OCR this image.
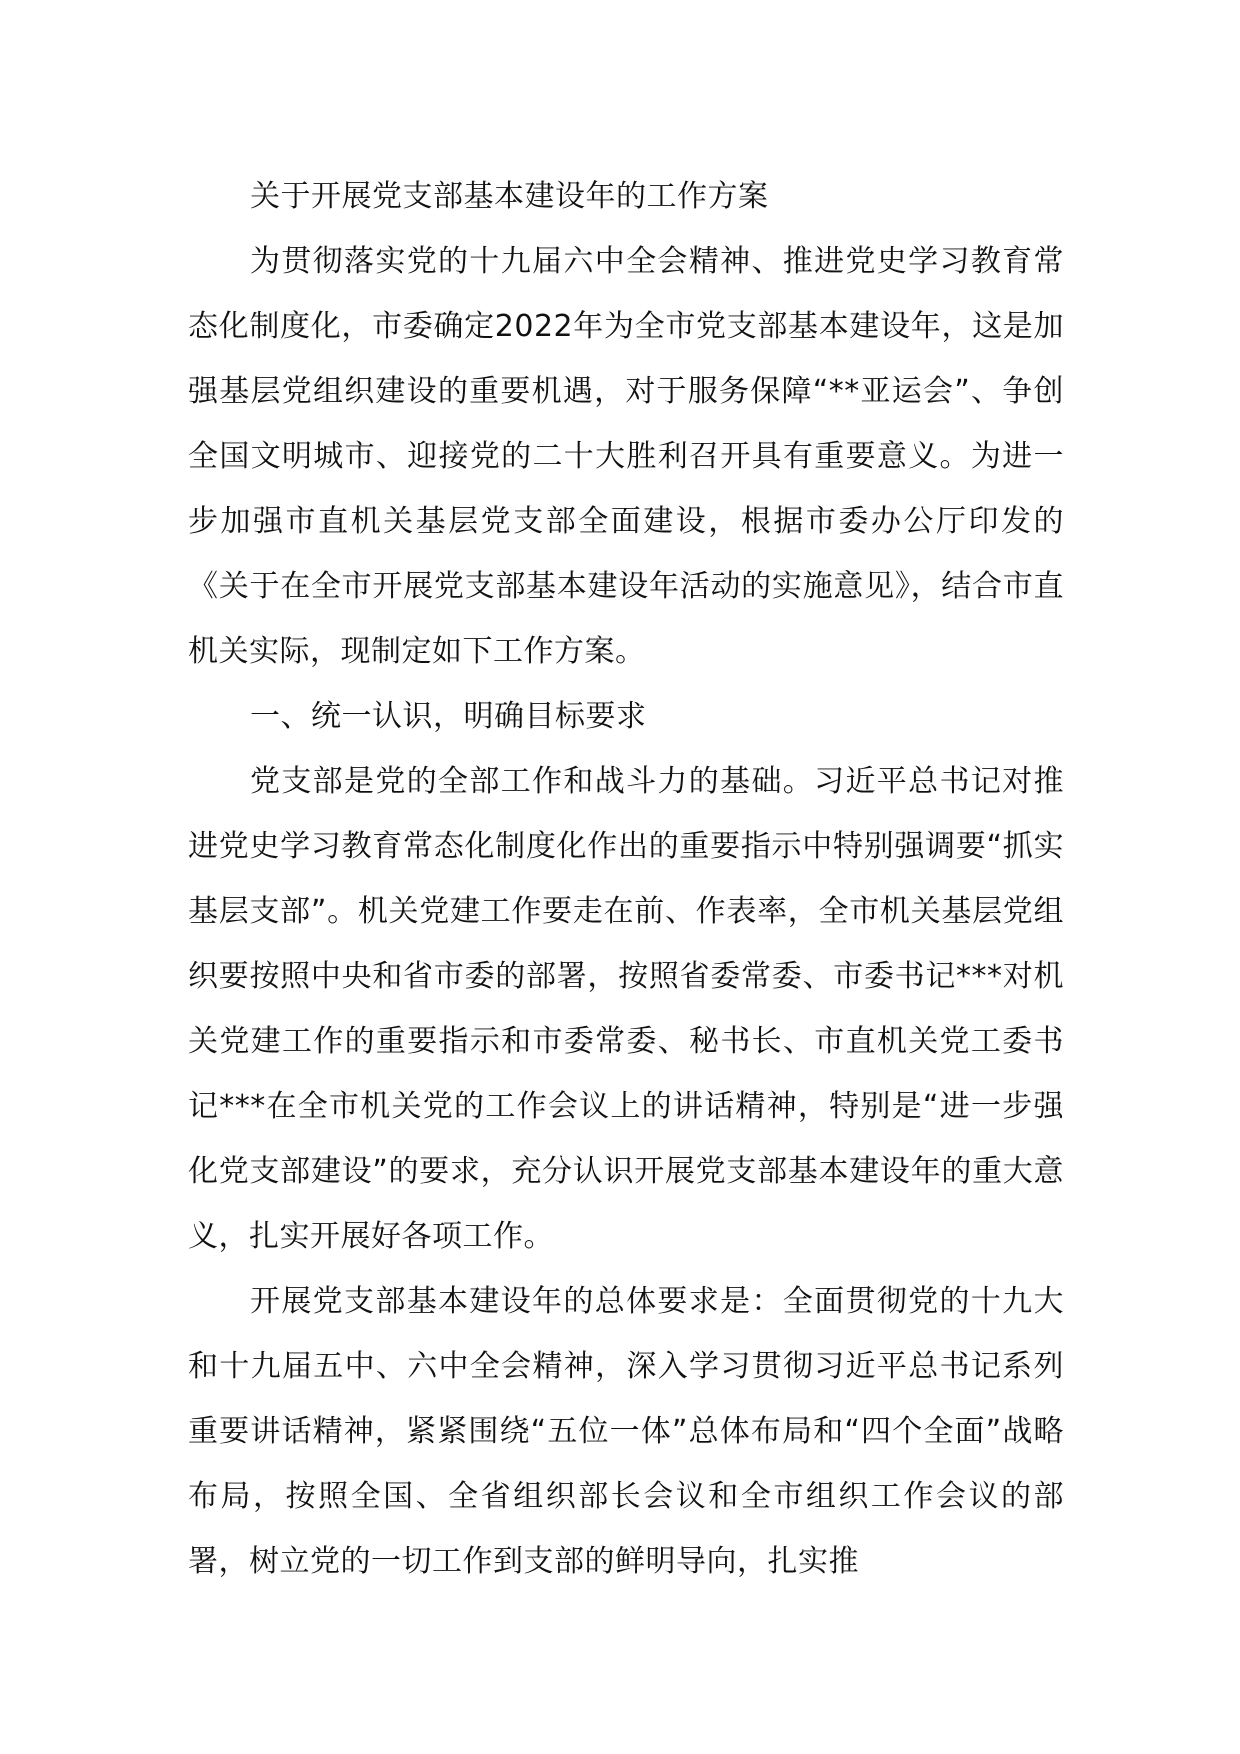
关于开展党支部基本建设年的工作方案

为贯彻落实党的十九届六中全会精神、推进党史学习教育常态化制度化，市委确定2022年为全市党支部基本建设年，这是加强基层党组织建设的重要机遇，对于服务保障“**亚运会”、争创全国文明城市、迎接党的二十大胜利召开具有重要意义。为进一步加强市直机关基层党支部全面建设，根据市委办公厅印发的《关于在全市开展党支部基本建设年活动的实施意见》，结合市直机关实际，现制定如下工作方案。

一、统一认识，明确目标要求

党支部是党的全部工作和战斗力的基础。习近平总书记对推进党史学习教育常态化制度化作出的重要指示中特别强调要“抓实基层支部”。机关党建工作要走在前、作表率，全市机关基层党组织要按照中央和省市委的部署，按照省委常委、市委书记***对机关党建工作的重要指示和市委常委、秘书长、市直机关党工委书记***在全市机关党的工作会议上的讲话精神，特别是“进一步强化党支部建设”的要求，充分认识开展党支部基本建设年的重大意义，扎实开展好各项工作。

开展党支部基本建设年的总体要求是：全面贯彻党的十九大和十九届五中、六中全会精神，深入学习贯彻习近平总书记系列重要讲话精神，紧紧围绕“五位一体”总体布局和“四个全面”战略布局，按照全国、全省组织部长会议和全市组织工作会议的部署，树立党的一切工作到支部的鲜明导向，扎实推
